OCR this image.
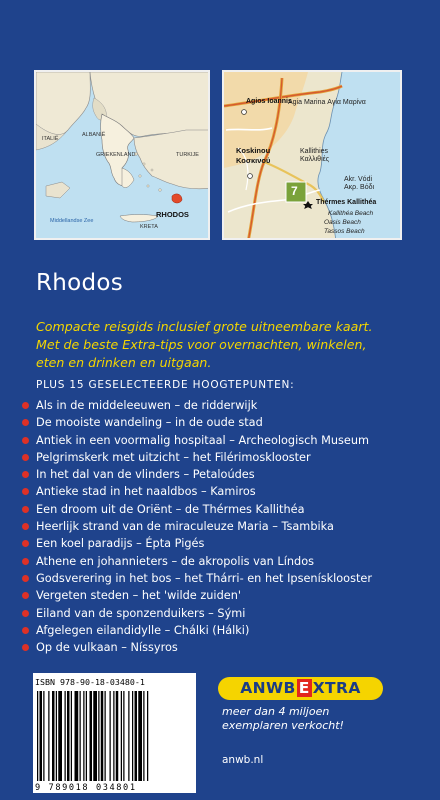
ITALIË
ALBANIË
GRIEKENLAND	TURKIJE
Middellandse Zee
RHODOS
KRETA
Agios Ioannis
Agia Marina Αγία Μαρίνα
Koskinou
Κοσκινού
Kallithies
Καλλιθιές
Akr. Vódi
Ακρ. Βόδι
7
Thérmes Kallithéa
Kallithéa Beach
Oasis Beach
Tassos Beach
Rhodos
Compacte reisgids inclusief grote uitneembare kaart.
Met de beste Extra-tips voor overnachten, winkelen,
eten en drinken en uitgaan.
PLUS 15 GESELECTEERDE HOOGTEPUNTEN:
Als in de middeleeuwen – de ridderwijk
De mooiste wandeling – in de oude stad
Antiek in een voormalig hospitaal – Archeologisch Museum
Pelgrimskerk met uitzicht – het Filérimosklooster
In het dal van de vlinders – Petaloúdes
Antieke stad in het naaldbos – Kamiros
Een droom uit de Oriënt – de Thérmes Kallithéa
Heerlijk strand van de miraculeuze Maria – Tsambika
Een koel paradijs – Épta Pigés
Athene en johannieters – de akropolis van Líndos
Godsverering in het bos – het Thárri- en het Ipsenísklooster
Vergeten steden – het 'wilde zuiden'
Eiland van de sponzenduikers – Sými
Afgelegen eilandidylle – Chálki (Hálki)
Op de vulkaan – Níssyros
ISBN 978-90-18-03480-1
9 789018 034801
ANWB E XTRA
meer dan 4 miljoen
exemplaren verkocht!
anwb.nl
